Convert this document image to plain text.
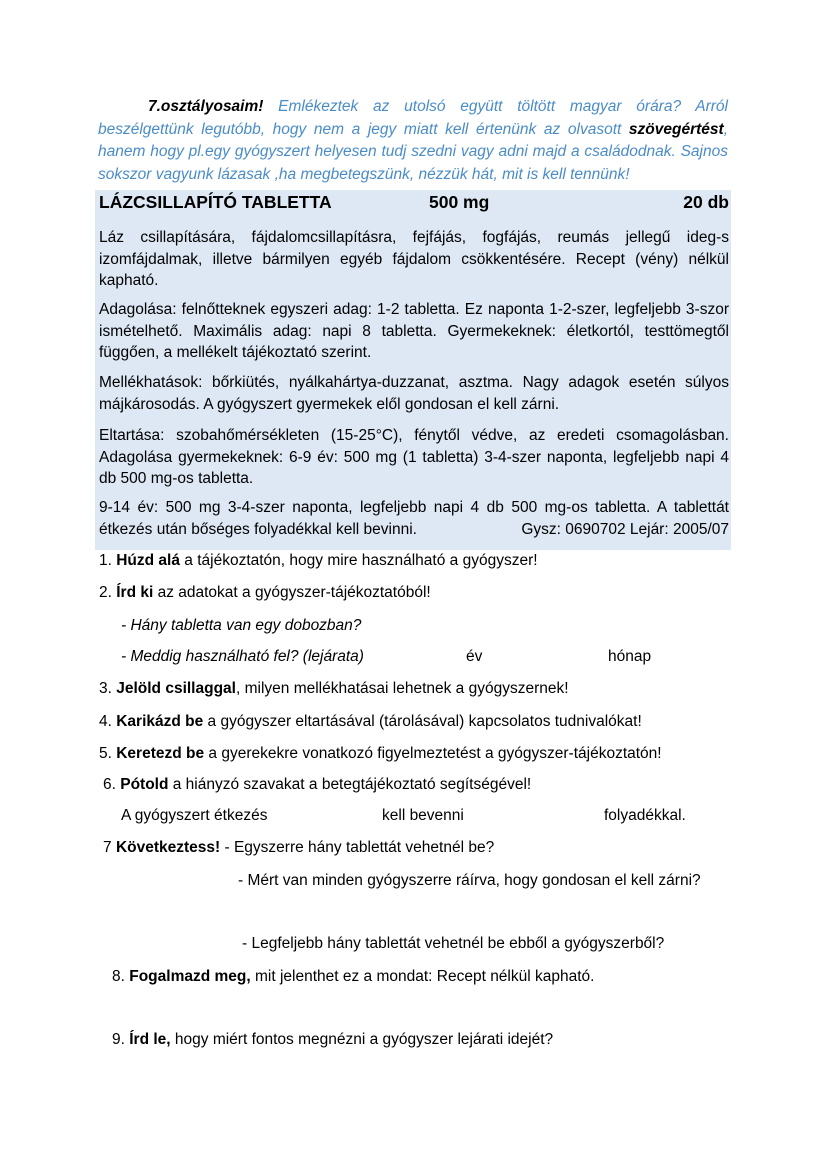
7.osztályosaim! Emlékeztek az utolsó együtt töltött magyar órára? Arról beszélgettünk legutóbb, hogy nem a jegy miatt kell értenünk az olvasott szövegértést, hanem hogy pl.egy gyógyszert helyesen tudj szedni vagy adni majd a családodnak. Sajnos sokszor vagyunk lázasak ,ha megbetegszünk, nézzük hát, mit is kell tennünk!
LÁZCSILLAPÍTÓ TABLETTA	500 mg	20 db
Láz csillapítására, fájdalomcsillapításra, fejfájás, fogfájás, reumás jellegű ideg-s izomfájdalmak, illetve bármilyen egyéb fájdalom csökkentésére. Recept (vény) nélkül kapható.
Adagolása: felnőtteknek egyszeri adag: 1-2 tabletta. Ez naponta 1-2-szer, legfeljebb 3-szor ismételhető. Maximális adag: napi 8 tabletta. Gyermekeknek: életkortól, testtömegtől függően, a mellékelt tájékoztató szerint.
Mellékhatások: bőrkiütés, nyálkahártya-duzzanat, asztma. Nagy adagok esetén súlyos májkárosodás. A gyógyszert gyermekek elől gondosan el kell zárni.
Eltartása: szobahőmérsékleten (15-25°C), fénytől védve, az eredeti csomagolásban. Adagolása gyermekeknek: 6-9 év: 500 mg (1 tabletta) 3-4-szer naponta, legfeljebb napi 4 db 500 mg-os tabletta.
9-14 év: 500 mg 3-4-szer naponta, legfeljebb napi 4 db 500 mg-os tabletta. A tablettát étkezés után bőséges folyadékkal kell bevinni.	Gysz: 0690702 Lejár: 2005/07
1. Húzd alá a tájékoztatón, hogy mire használható a gyógyszer!
2. Írd ki az adatokat a gyógyszer-tájékoztatóból!
- Hány tabletta van egy dobozban?
- Meddig használható fel? (lejárata)	év	hónap
3. Jelöld csillaggal, milyen mellékhatásai lehetnek a gyógyszernek!
4. Karikázd be a gyógyszer eltartásával (tárolásával) kapcsolatos tudnivalókat!
5. Keretezd be a gyerekekre vonatkozó figyelmeztetést a gyógyszer-tájékoztatón!
6. Pótold a hiányzó szavakat a betegtájékoztató segítségével!
A gyógyszert étkezés	kell bevenni	folyadékkal.
7 Következtess! - Egyszerre hány tablettát vehetnél be?
- Mért van minden gyógyszerre ráírva, hogy gondosan el kell zárni?
- Legfeljebb hány tablettát vehetnél be ebből a gyógyszerből?
8. Fogalmazd meg, mit jelenthet ez a mondat: Recept nélkül kapható.
9. Írd le, hogy miért fontos megnézni a gyógyszer lejárati idejét?
